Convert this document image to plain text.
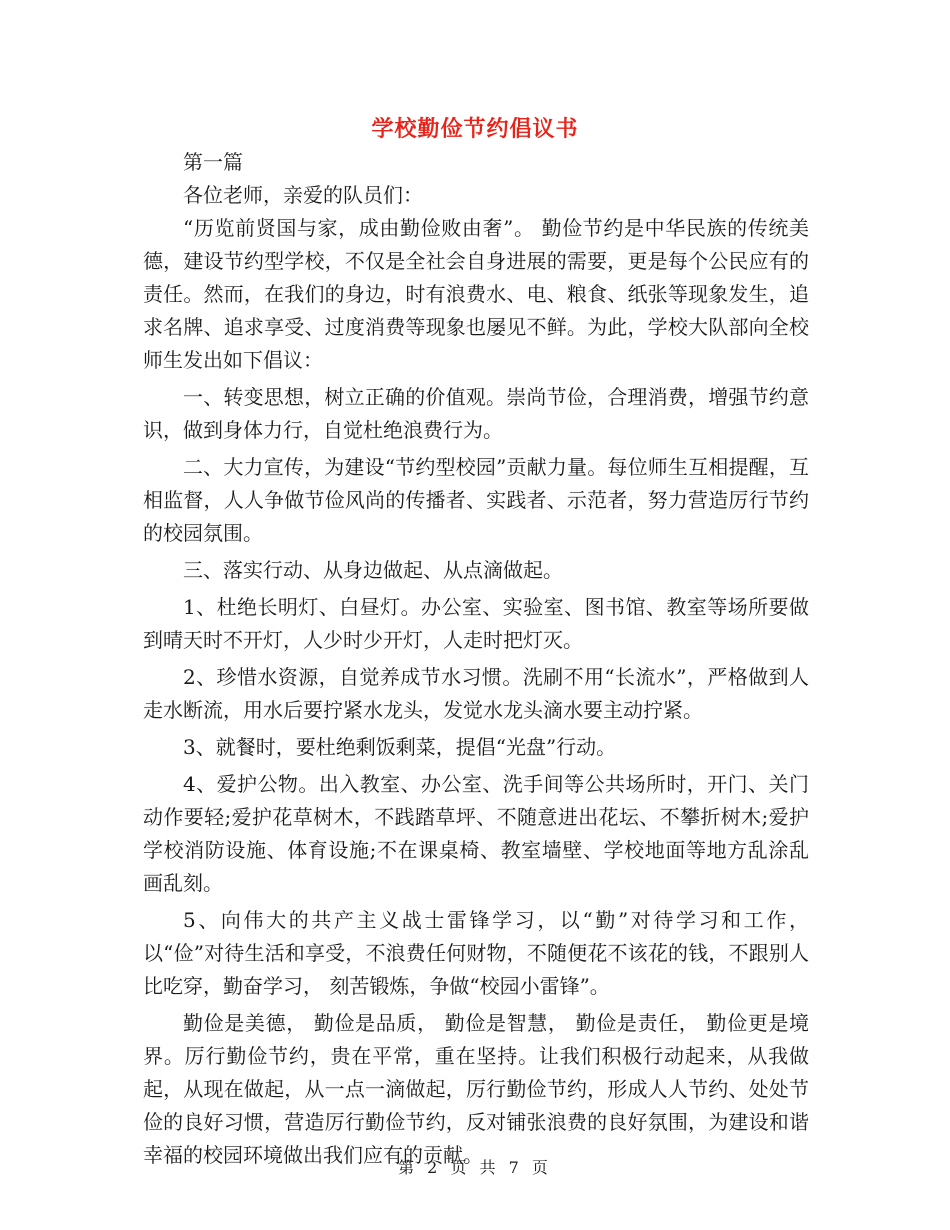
学校勤俭节约倡议书

第一篇

各位老师，亲爱的队员们：

“历览前贤国与家，成由勤俭败由奢”。 勤俭节约是中华民族的传统美德，建设节约型学校，不仅是全社会自身进展的需要，更是每个公民应有的责任。然而，在我们的身边，时有浪费水、电、粮食、纸张等现象发生，追求名牌、追求享受、过度消费等现象也屡见不鲜。为此，学校大队部向全校师生发出如下倡议：

一、转变思想，树立正确的价值观。崇尚节俭，合理消费，增强节约意识，做到身体力行，自觉杜绝浪费行为。

二、大力宣传，为建设“节约型校园”贡献力量。每位师生互相提醒，互相监督，人人争做节俭风尚的传播者、实践者、示范者，努力营造厉行节约的校园氛围。

三、落实行动、从身边做起、从点滴做起。

1、杜绝长明灯、白昼灯。办公室、实验室、图书馆、教室等场所要做到晴天时不开灯，人少时少开灯，人走时把灯灭。

2、珍惜水资源，自觉养成节水习惯。洗刷不用“长流水”，严格做到人走水断流，用水后要拧紧水龙头，发觉水龙头滴水要主动拧紧。

3、就餐时，要杜绝剩饭剩菜，提倡“光盘”行动。

4、爱护公物。出入教室、办公室、洗手间等公共场所时，开门、关门动作要轻;爱护花草树木，不践踏草坪、不随意进出花坛、不攀折树木;爱护学校消防设施、体育设施;不在课桌椅、教室墙壁、学校地面等地方乱涂乱画乱刻。

5、向伟大的共产主义战士雷锋学习，以“勤”对待学习和工作，以“俭”对待生活和享受，不浪费任何财物，不随便花不该花的钱，不跟别人比吃穿，勤奋学习， 刻苦锻炼，争做“校园小雷锋”。

勤俭是美德， 勤俭是品质， 勤俭是智慧， 勤俭是责任， 勤俭更是境界。厉行勤俭节约，贵在平常，重在坚持。让我们积极行动起来，从我做起，从现在做起，从一点一滴做起，厉行勤俭节约，形成人人节约、处处节俭的良好习惯，营造厉行勤俭节约，反对铺张浪费的良好氛围，为建设和谐幸福的校园环境做出我们应有的贡献。

第 2 页 共 7 页
